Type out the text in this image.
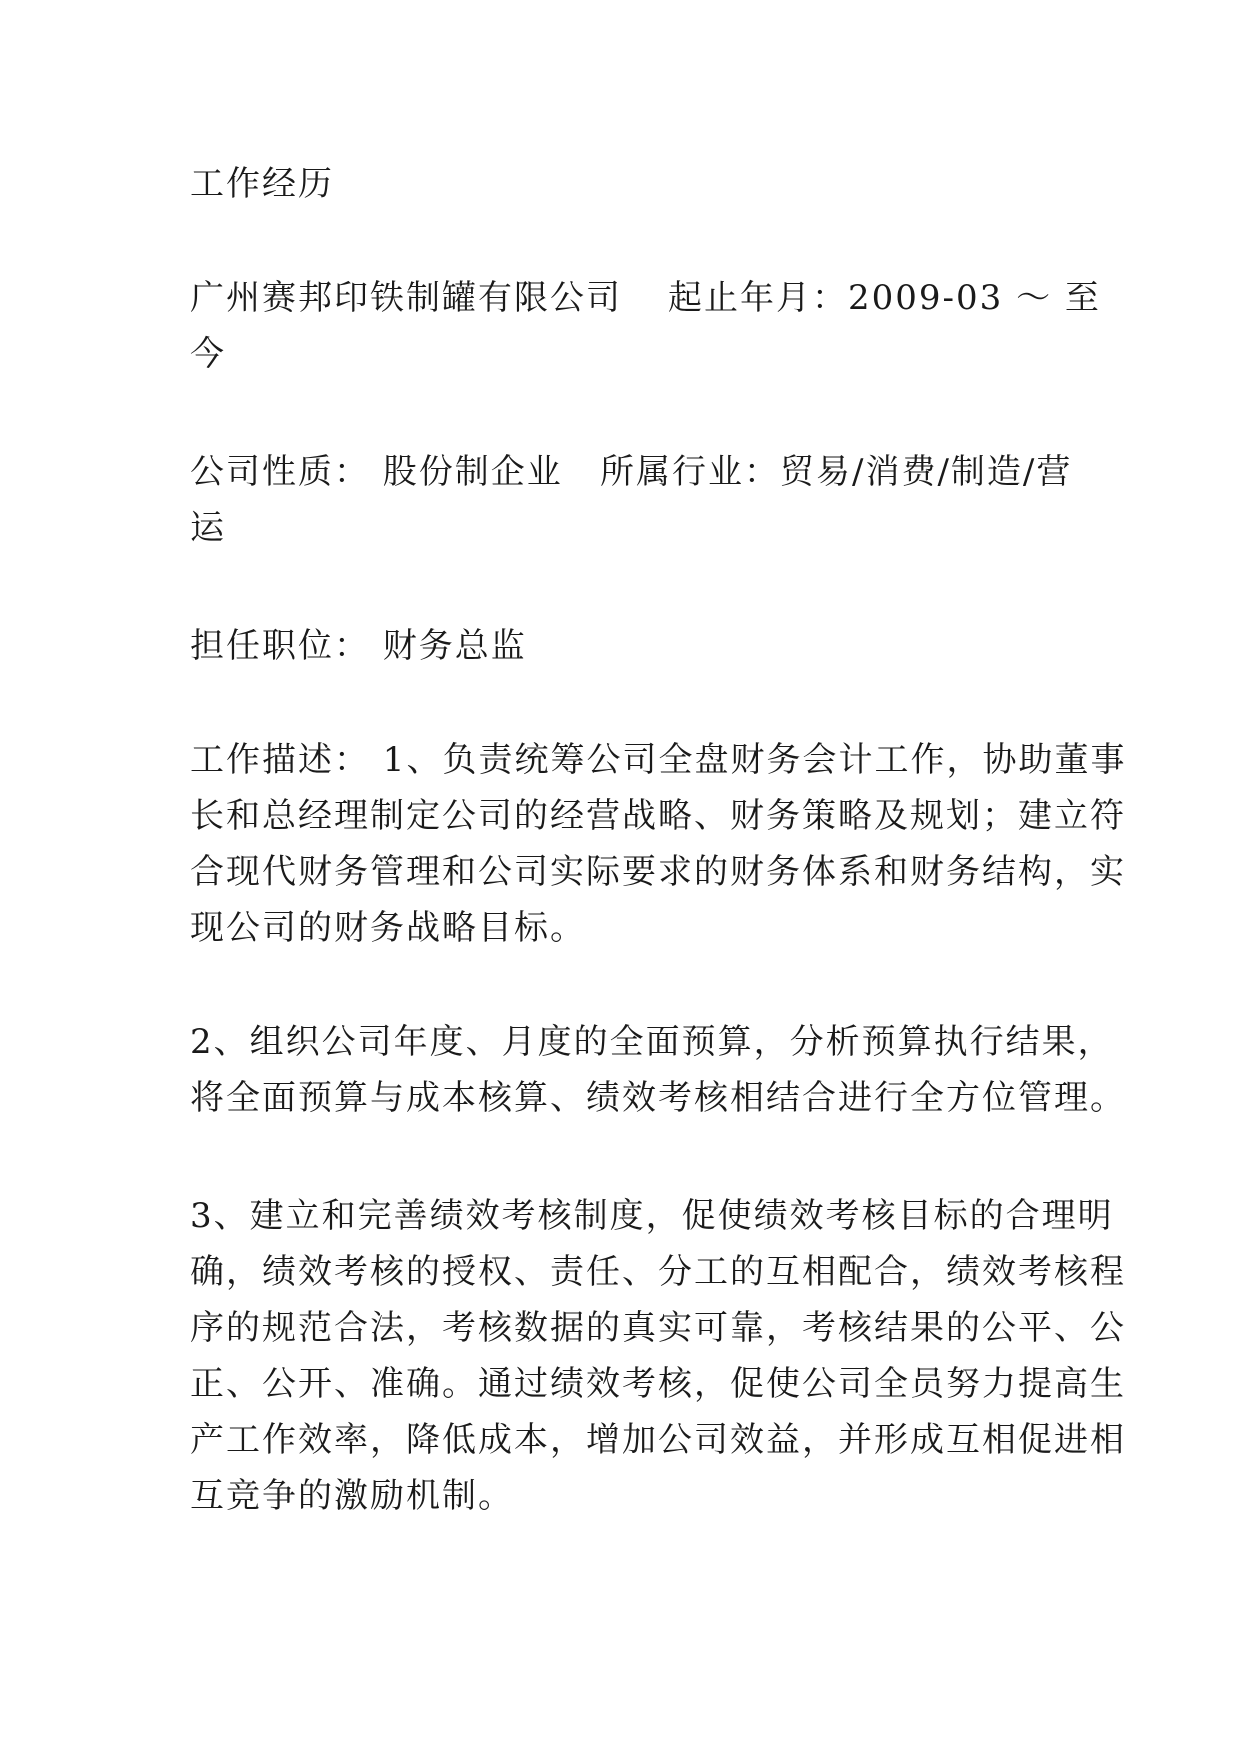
工作经历
广州赛邦印铁制罐有限公司 起止年月：2009-03 ～ 至
今
公司性质： 股份制企业 所属行业：贸易/消费/制造/营
运
担任职位： 财务总监
工作描述： 1、负责统筹公司全盘财务会计工作，协助董事
长和总经理制定公司的经营战略、财务策略及规划；建立符
合现代财务管理和公司实际要求的财务体系和财务结构，实
现公司的财务战略目标。
2、组织公司年度、月度的全面预算，分析预算执行结果，
将全面预算与成本核算、绩效考核相结合进行全方位管理。
3、建立和完善绩效考核制度，促使绩效考核目标的合理明
确，绩效考核的授权、责任、分工的互相配合，绩效考核程
序的规范合法，考核数据的真实可靠，考核结果的公平、公
正、公开、准确。通过绩效考核，促使公司全员努力提高生
产工作效率，降低成本，增加公司效益，并形成互相促进相
互竞争的激励机制。
